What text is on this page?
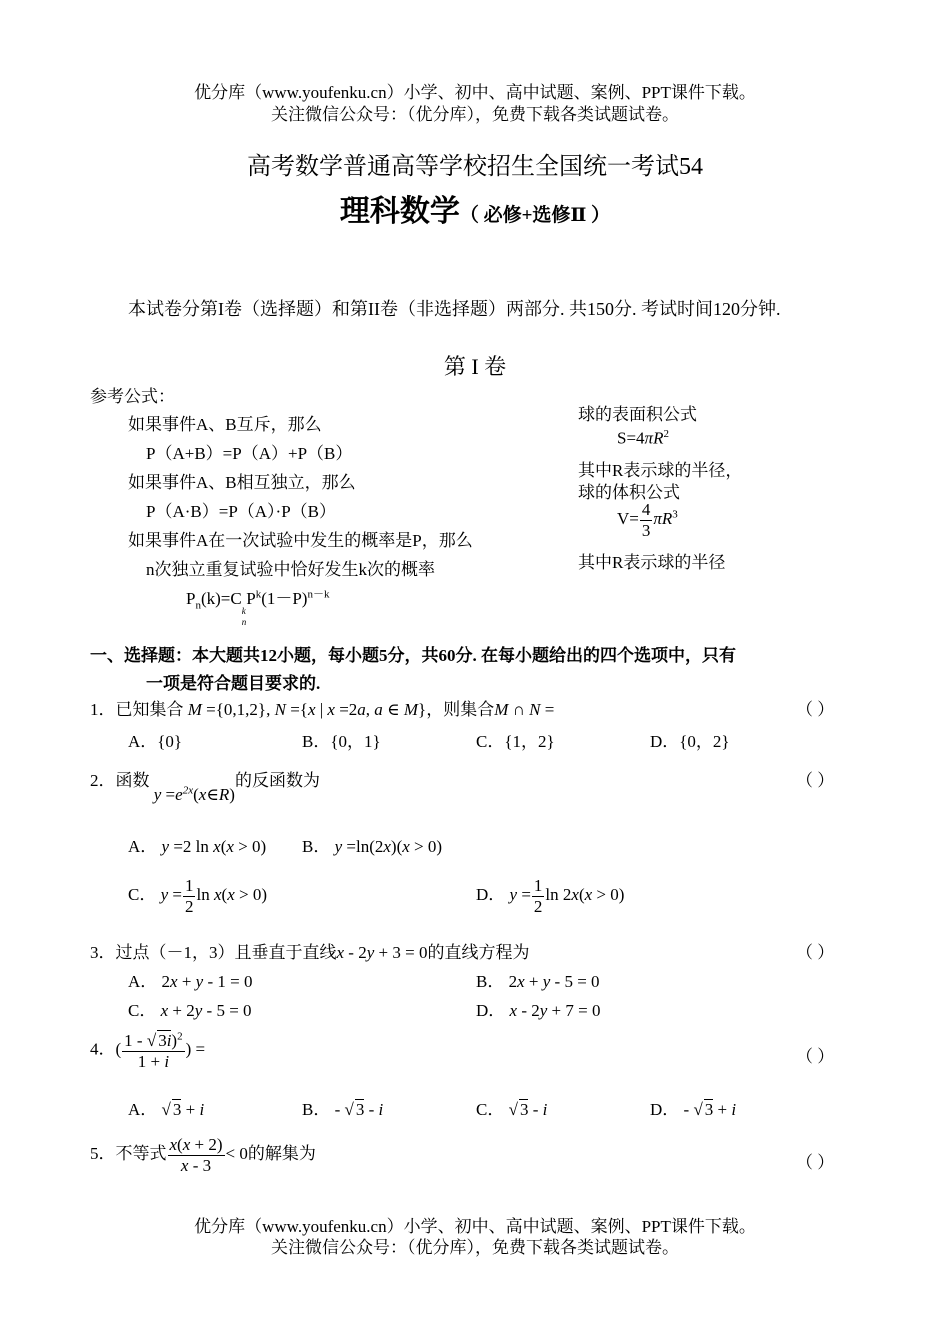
优分库（www.youfenku.cn）小学、初中、高中试题、案例、PPT课件下载。
关注微信公众号：（优分库），免费下载各类试题试卷。
高考数学普通高等学校招生全国统一考试54
理科数学（ 必修+选修Ⅱ ）
本试卷分第I卷（选择题）和第II卷（非选择题）两部分. 共150分. 考试时间120分钟.
第 I 卷
参考公式：
如果事件A、B互斥，那么
P（A+B）=P（A）+P（B）
如果事件A、B相互独立，那么
P（A·B）=P（A）·P（B）
如果事件A在一次试验中发生的概率是P，那么
n次独立重复试验中恰好发生k次的概率
$P_n(k)=C$
k
n
$P^k(1-P)^{n-k}$
球的表面积公式
$S=4\pi R^2$
其中R表示球的半径，
球的体积公式
$V= \frac{4}{3} \pi R^3$
其中R表示球的半径
一、选择题：本大题共12小题，每小题5分，共60分. 在每小题给出的四个选项中，只有
一项是符合题目要求的.
1．已知集合 M ={0,1,2}, N ={x | x =2a, a ∈ M}，则集合M ∩ N =	（ ）
A．{0}	B．{0，1}	C．{1，2}	D．{0，2}
2．函数 $y =e^{2x}(x\in R)$的反函数为	（ ）
A． y =2 ln x(x > 0) B． y =ln(2x)(x > 0)
C． $y = \frac{1}{2}$ ln x(x > 0)	D． $y = \frac{1}{2}$ ln 2x(x > 0)
3．过点（－1，3）且垂直于直线x - 2y + 3 = 0的直线方程为	（ ）
A． 2x + y - 1 = 0	B． 2x + y - 5 = 0
C． x + 2y - 5 = 0	D． x - 2y + 7 = 0
4．( $\frac{1 - √ 3i)^2}{1 + i}$ ) =	（ ）
A． √ 3 + i	B． - √ 3 - i	C． √ 3 - i	D． - √ 3 + i
5．不等式 $\frac{x(x + 2)}{x - 3} < 0$的解集为	（ ）
优分库（www.youfenku.cn）小学、初中、高中试题、案例、PPT课件下载。
关注微信公众号：（优分库），免费下载各类试题试卷。
